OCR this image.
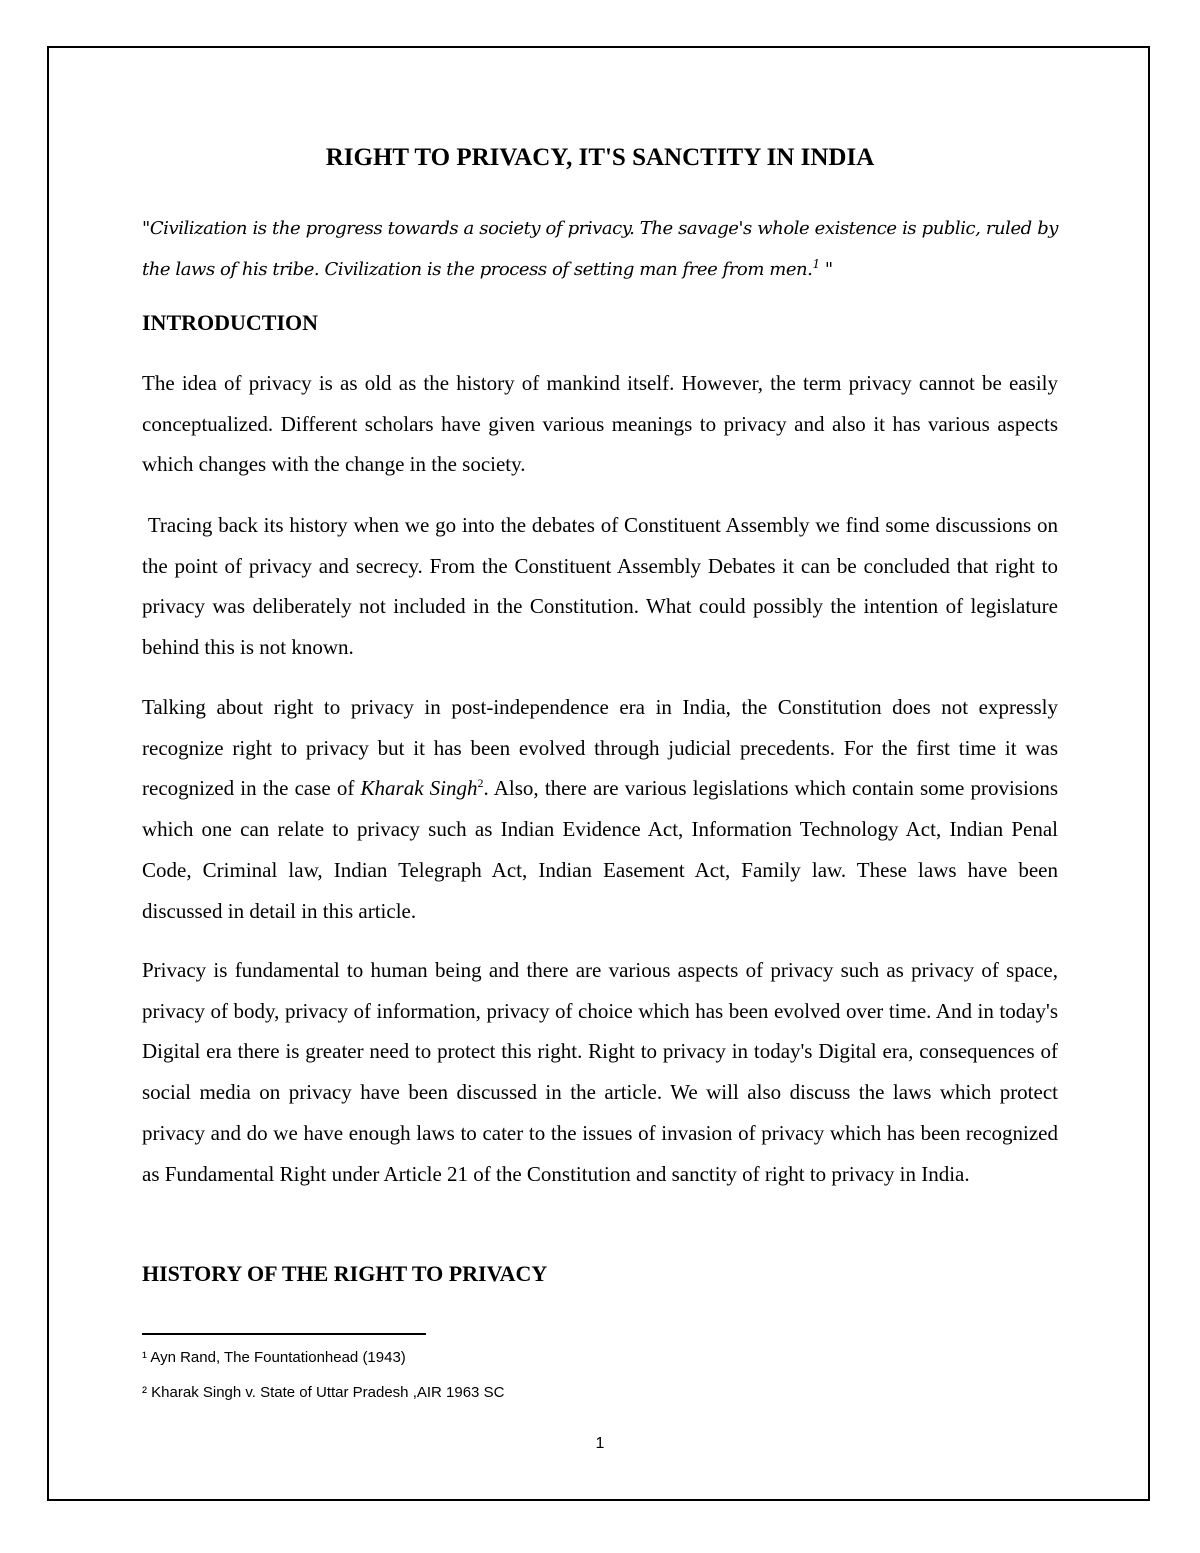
RIGHT TO PRIVACY, IT'S SANCTITY IN INDIA
"Civilization is the progress towards a society of privacy. The savage's whole existence is public, ruled by the laws of his tribe. Civilization is the process of setting man free from men.$^1$ "
INTRODUCTION

The idea of privacy is as old as the history of mankind itself. However, the term privacy cannot be easily conceptualized. Different scholars have given various meanings to privacy and also it has various aspects which changes with the change in the society.

Tracing back its history when we go into the debates of Constituent Assembly we find some discussions on the point of privacy and secrecy. From the Constituent Assembly Debates it can be concluded that right to privacy was deliberately not included in the Constitution. What could possibly the intention of legislature behind this is not known.

Talking about right to privacy in post-independence era in India, the Constitution does not expressly recognize right to privacy but it has been evolved through judicial precedents. For the first time it was recognized in the case of Kharak Singh$^2$. Also, there are various legislations which contain some provisions which one can relate to privacy such as Indian Evidence Act, Information Technology Act, Indian Penal Code, Criminal law, Indian Telegraph Act, Indian Easement Act, Family law. These laws have been discussed in detail in this article.

Privacy is fundamental to human being and there are various aspects of privacy such as privacy of space, privacy of body, privacy of information, privacy of choice which has been evolved over time. And in today's Digital era there is greater need to protect this right. Right to privacy in today's Digital era, consequences of social media on privacy have been discussed in the article. We will also discuss the laws which protect privacy and do we have enough laws to cater to the issues of invasion of privacy which has been recognized as Fundamental Right under Article 21 of the Constitution and sanctity of right to privacy in India.

HISTORY OF THE RIGHT TO PRIVACY
¹ Ayn Rand, The Fountationhead (1943)
² Kharak Singh v. State of Uttar Pradesh ,AIR 1963 SC
1
